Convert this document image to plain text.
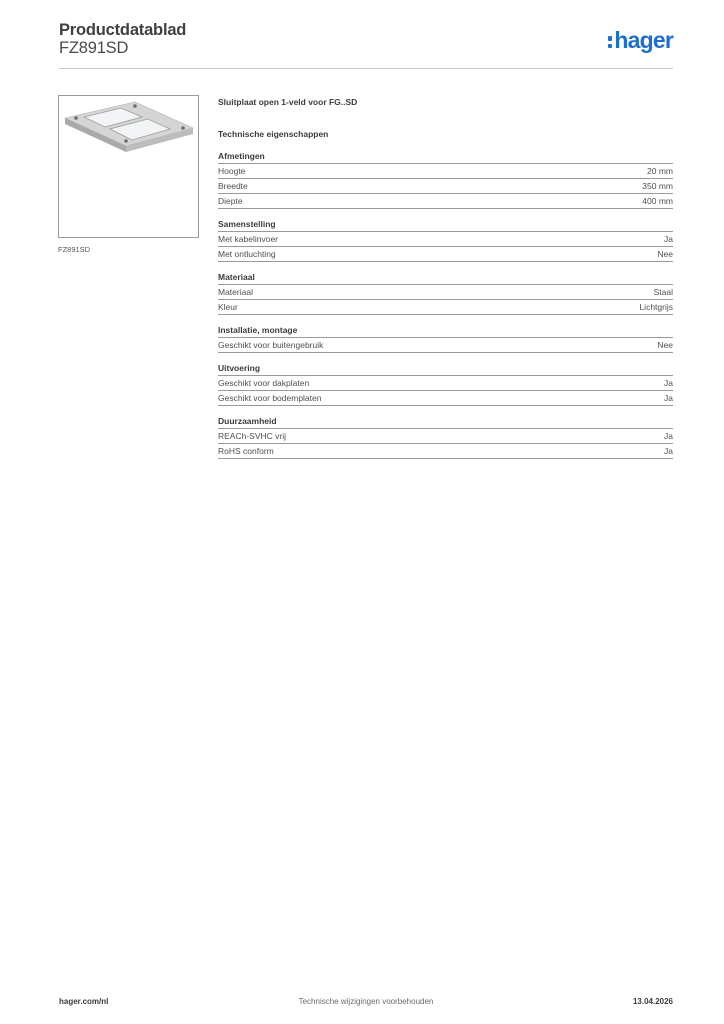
Productdatablad
FZ891SD	hager
FZ891SD
Sluitplaat open 1-veld voor FG..SD
Technische eigenschappen
Afmetingen
Hoogte	20 mm
Breedte	350 mm
Diepte	400 mm
Samenstelling
Met kabelinvoer	Ja
Met ontluchting	Nee
Materiaal
Materiaal	Staal
Kleur	Lichtgrijs
Installatie, montage
Geschikt voor buitengebruik	Nee
Uitvoering
Geschikt voor dakplaten	Ja
Geschikt voor bodemplaten	Ja
Duurzaamheid
REACh-SVHC vrij	Ja
RoHS conform	Ja
Technische wijzigingen voorbehouden
hager.com/nl	13.04.2026
